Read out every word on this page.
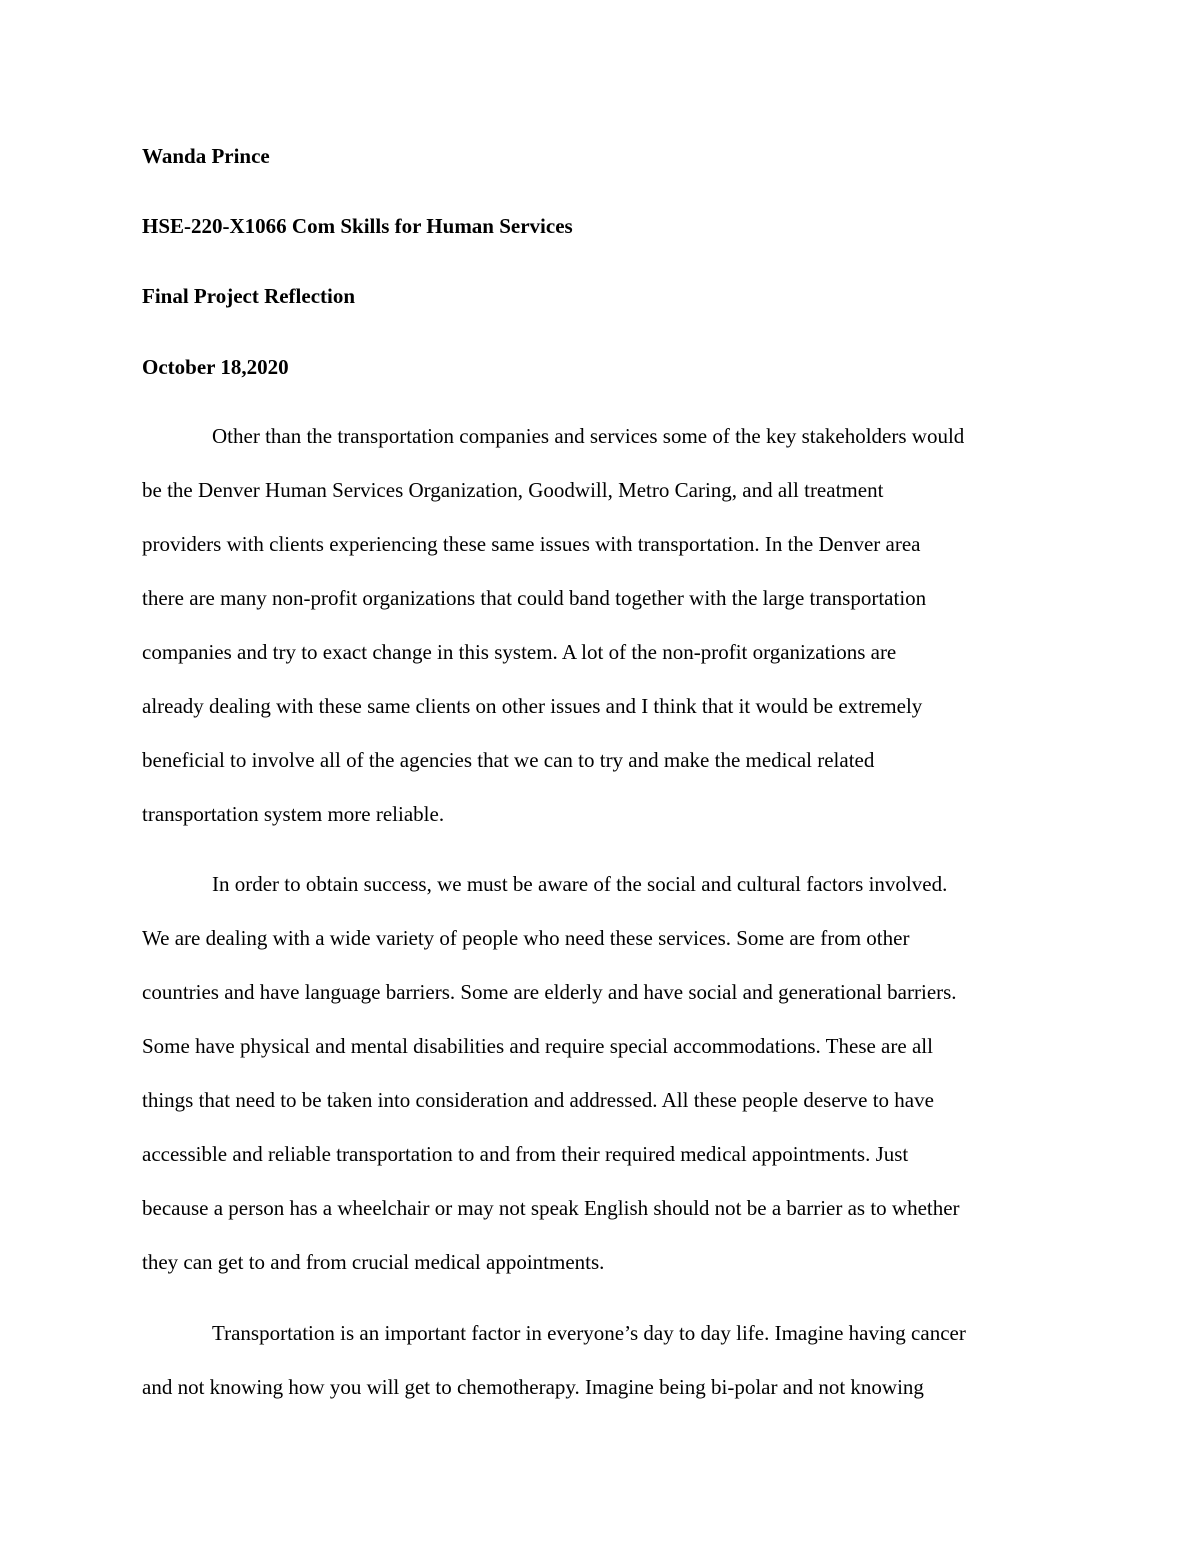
Wanda Prince
HSE-220-X1066 Com Skills for Human Services
Final Project Reflection
October 18,2020
Other than the transportation companies and services some of the key stakeholders would
be the Denver Human Services Organization, Goodwill, Metro Caring, and all treatment
providers with clients experiencing these same issues with transportation. In the Denver area
there are many non-profit organizations that could band together with the large transportation
companies and try to exact change in this system. A lot of the non-profit organizations are
already dealing with these same clients on other issues and I think that it would be extremely
beneficial to involve all of the agencies that we can to try and make the medical related
transportation system more reliable.
In order to obtain success, we must be aware of the social and cultural factors involved.
We are dealing with a wide variety of people who need these services. Some are from other
countries and have language barriers. Some are elderly and have social and generational barriers.
Some have physical and mental disabilities and require special accommodations. These are all
things that need to be taken into consideration and addressed. All these people deserve to have
accessible and reliable transportation to and from their required medical appointments. Just
because a person has a wheelchair or may not speak English should not be a barrier as to whether
they can get to and from crucial medical appointments.
Transportation is an important factor in everyone’s day to day life. Imagine having cancer
and not knowing how you will get to chemotherapy. Imagine being bi-polar and not knowing
